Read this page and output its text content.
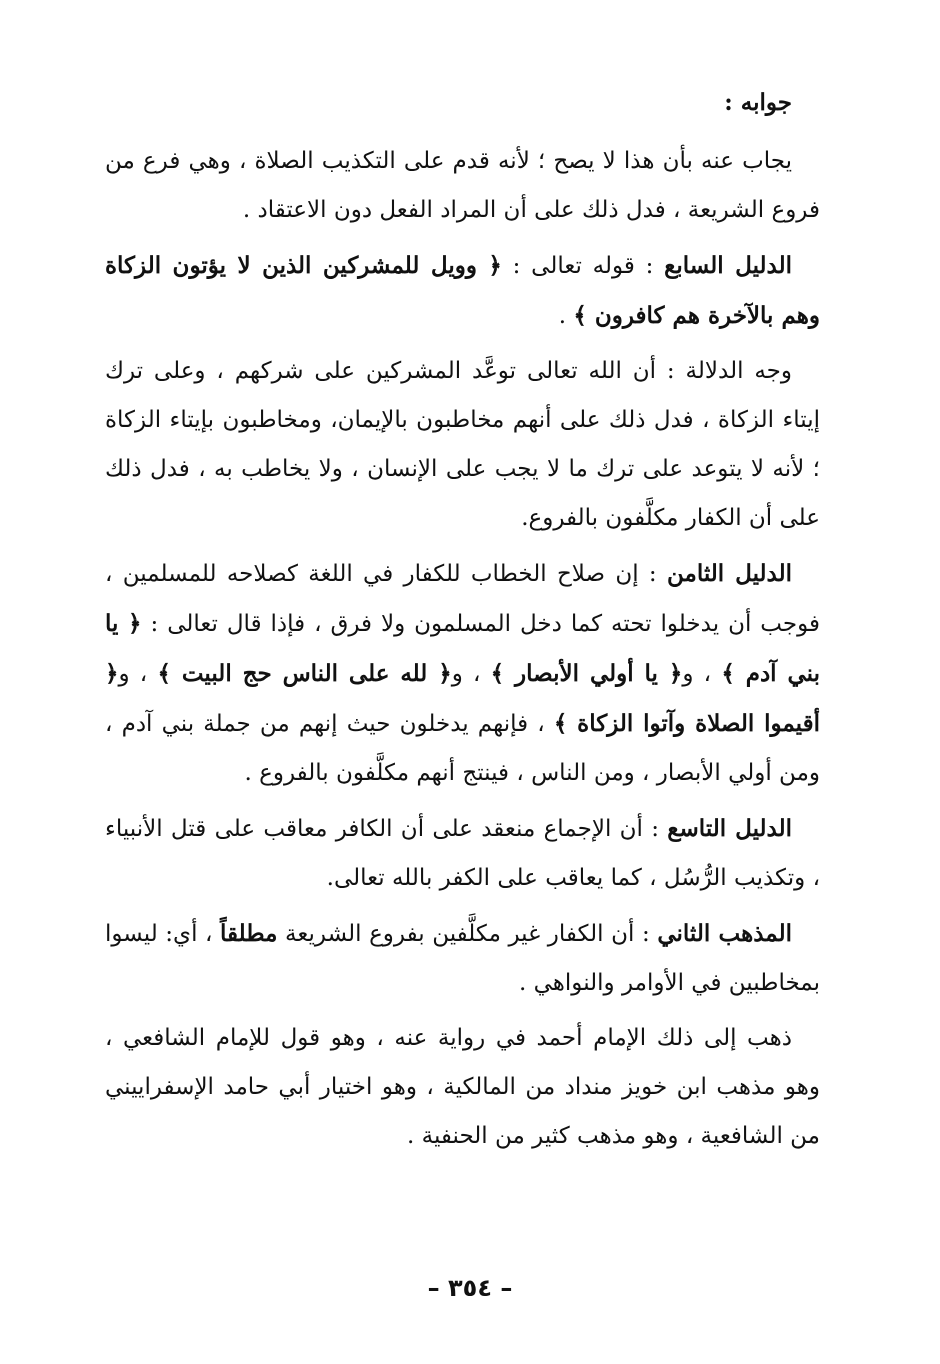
جوابه :

يجاب عنه بأن هذا لا يصح ؛ لأنه قدم على التكذيب الصلاة ، وهي فرع من فروع الشريعة ، فدل ذلك على أن المراد الفعل دون الاعتقاد .

الدليل السابع : قوله تعالى : ﴿ وويل للمشركين الذين لا يؤتون الزكاة وهم بالآخرة هم كافرون ﴾ .

وجه الدلالة : أن الله تعالى توعَّد المشركين على شركهم ، وعلى ترك إيتاء الزكاة ، فدل ذلك على أنهم مخاطبون بالإيمان، ومخاطبون بإيتاء الزكاة ؛ لأنه لا يتوعد على ترك ما لا يجب على الإنسان ، ولا يخاطب به ، فدل ذلك على أن الكفار مكلَّفون بالفروع.

الدليل الثامن : إن صلاح الخطاب للكفار في اللغة كصلاحه للمسلمين ، فوجب أن يدخلوا تحته كما دخل المسلمون ولا فرق ، فإذا قال تعالى : ﴿ يا بني آدم ﴾ ، و﴿ يا أولي الأبصار ﴾ ، و﴿ لله على الناس حج البيت ﴾ ، و﴿ أقيموا الصلاة وآتوا الزكاة ﴾ ، فإنهم يدخلون حيث إنهم من جملة بني آدم ، ومن أولي الأبصار ، ومن الناس ، فينتج أنهم مكلَّفون بالفروع .

الدليل التاسع : أن الإجماع منعقد على أن الكافر معاقب على قتل الأنبياء ، وتكذيب الرُّسُل ، كما يعاقب على الكفر بالله تعالى.

المذهب الثاني : أن الكفار غير مكلَّفين بفروع الشريعة مطلقاً ، أي: ليسوا بمخاطبين في الأوامر والنواهي .

ذهب إلى ذلك الإمام أحمد في رواية عنه ، وهو قول للإمام الشافعي ، وهو مذهب ابن خويز منداد من المالكية ، وهو اختيار أبي حامد الإسفراييني من الشافعية ، وهو مذهب كثير من الحنفية .

– ٣٥٤ –
